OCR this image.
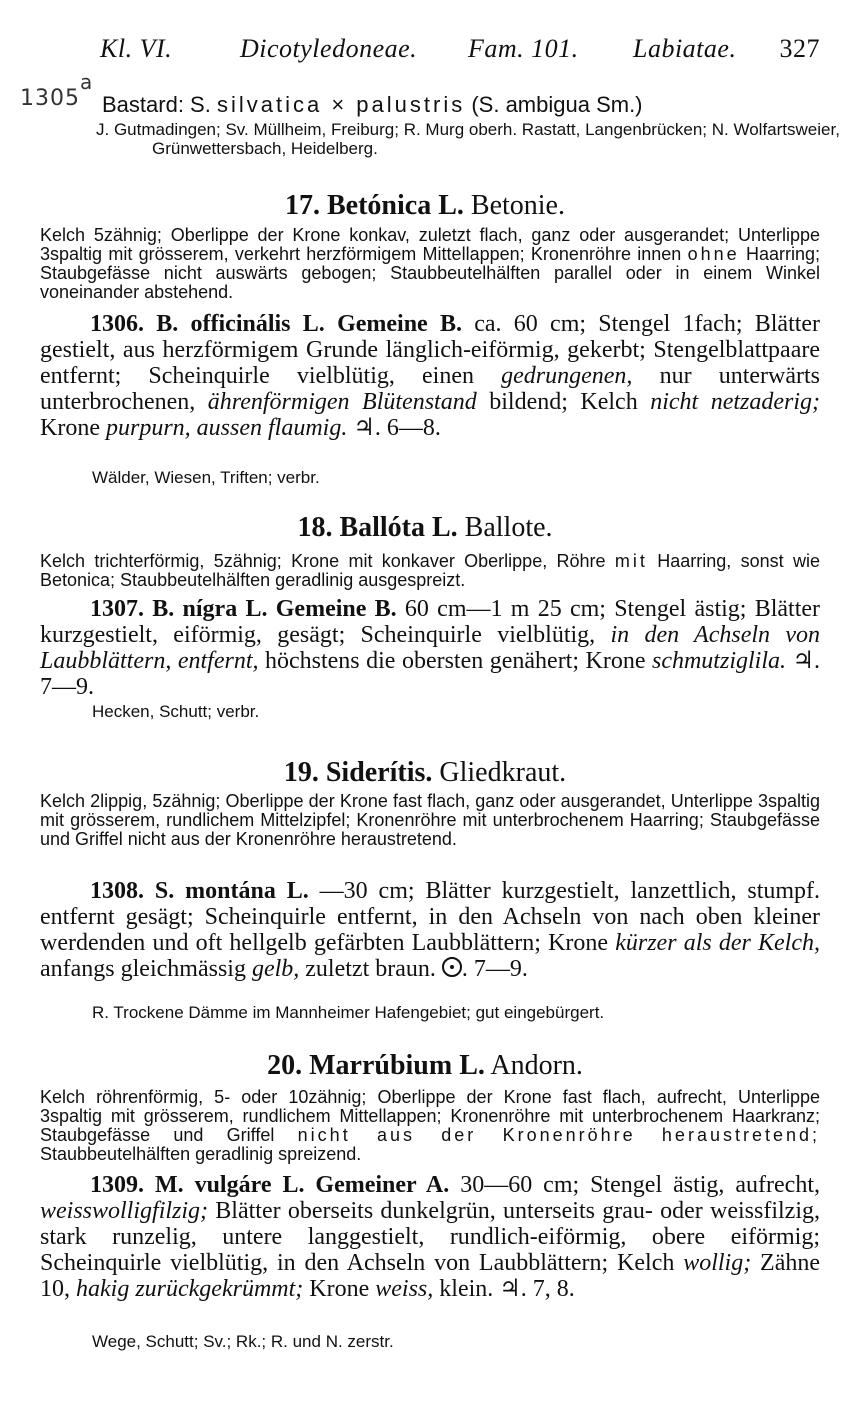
Kl. VI.	Dicotyledoneae. Fam. 101. Labiatae. 327
1305
a
Bastard: S. silvatica × palustris (S. ambigua Sm.)
J. Gutmadingen; Sv. Müllheim, Freiburg; R. Murg oberh. Rastatt, Langenbrücken; N. Wolfartsweier, Grünwettersbach, Heidelberg.
17. Betónica L. Betonie.
Kelch 5zähnig; Oberlippe der Krone konkav, zuletzt flach, ganz oder ausgerandet; Unterlippe 3spaltig mit grösserem, verkehrt herzförmigem Mittellappen; Kronenröhre innen ohne Haarring; Staubgefässe nicht auswärts gebogen; Staubbeutelhälften parallel oder in einem Winkel voneinander abstehend.
1306. B. officinális L. Gemeine B. ca. 60 cm; Stengel 1fach; Blätter gestielt, aus herzförmigem Grunde länglich-eiförmig, gekerbt; Stengelblattpaare entfernt; Scheinquirle vielblütig, einen gedrungenen, nur unterwärts unterbrochenen, ährenförmigen Blütenstand bildend; Kelch nicht netzaderig; Krone purpurn, aussen flaumig. ♃. 6—8.
Wälder, Wiesen, Triften; verbr.
18. Ballóta L. Ballote.
Kelch trichterförmig, 5zähnig; Krone mit konkaver Oberlippe, Röhre mit Haarring, sonst wie Betonica; Staubbeutelhälften geradlinig ausgespreizt.
1307. B. nígra L. Gemeine B. 60 cm—1 m 25 cm; Stengel ästig; Blätter kurzgestielt, eiförmig, gesägt; Scheinquirle vielblütig, in den Achseln von Laubblättern, entfernt, höchstens die obersten genähert; Krone schmutziglila. ♃. 7—9.
Hecken, Schutt; verbr.
19. Siderítis. Gliedkraut.
Kelch 2lippig, 5zähnig; Oberlippe der Krone fast flach, ganz oder ausgerandet, Unterlippe 3spaltig mit grösserem, rundlichem Mittelzipfel; Kronenröhre mit unterbrochenem Haarring; Staubgefässe und Griffel nicht aus der Kronenröhre heraustretend.
1308. S. montána L. —30 cm; Blätter kurzgestielt, lanzettlich, stumpf. entfernt gesägt; Scheinquirle entfernt, in den Achseln von nach oben kleiner werdenden und oft hellgelb gefärbten Laubblättern; Krone kürzer als der Kelch, anfangs gleichmässig gelb, zuletzt braun. . 7—9.
R. Trockene Dämme im Mannheimer Hafengebiet; gut eingebürgert.
20. Marrúbium L. Andorn.
Kelch röhrenförmig, 5- oder 10zähnig; Oberlippe der Krone fast flach, aufrecht, Unterlippe 3spaltig mit grösserem, rundlichem Mittellappen; Kronenröhre mit unterbrochenem Haarkranz; Staubgefässe und Griffel nicht aus der Kronenröhre heraustretend; Staubbeutelhälften geradlinig spreizend.
1309. M. vulgáre L. Gemeiner A. 30—60 cm; Stengel ästig, aufrecht, weisswolligfilzig; Blätter oberseits dunkelgrün, unterseits grau- oder weissfilzig, stark runzelig, untere langgestielt, rundlich-eiförmig, obere eiförmig; Scheinquirle vielblütig, in den Achseln von Laubblättern; Kelch wollig; Zähne 10, hakig zurückgekrümmt; Krone weiss, klein. ♃. 7, 8.
Wege, Schutt; Sv.; Rk.; R. und N. zerstr.
